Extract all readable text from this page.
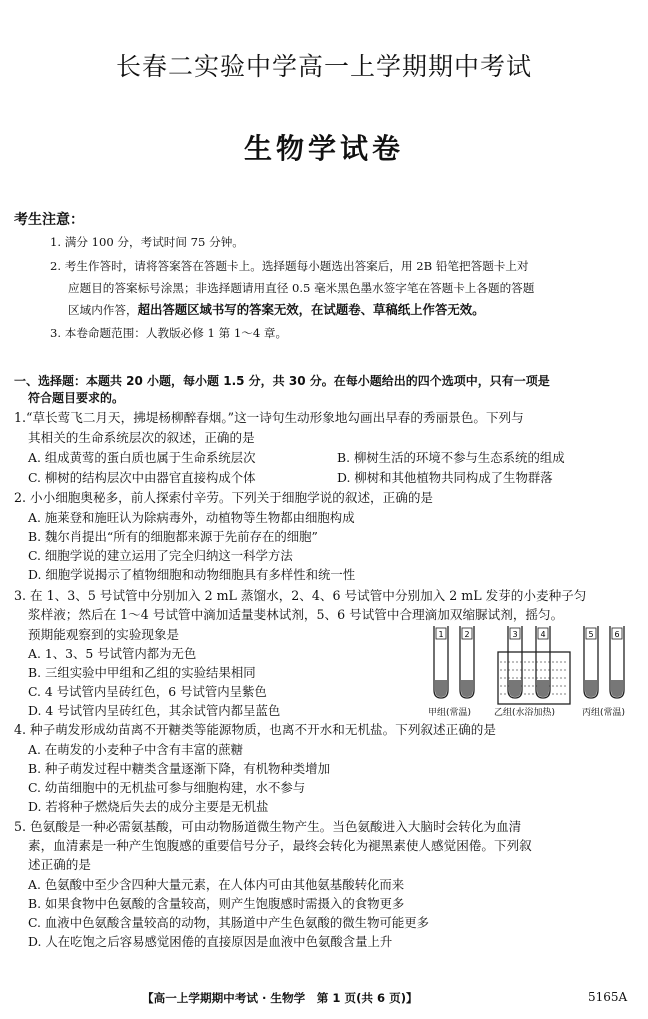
长春二实验中学高一上学期期中考试
生物学试卷
考生注意：
1. 满分 100 分，考试时间 75 分钟。
2. 考生作答时，请将答案答在答题卡上。选择题每小题选出答案后，用 2B 铅笔把答题卡上对
应题目的答案标号涂黑；非选择题请用直径 0.5 毫米黑色墨水签字笔在答题卡上各题的答题
区域内作答，超出答题区域书写的答案无效，在试题卷、草稿纸上作答无效。
3. 本卷命题范围：人教版必修 1 第 1～4 章。
一、选择题：本题共 20 小题，每小题 1.5 分，共 30 分。在每小题给出的四个选项中，只有一项是
符合题目要求的。
1.“草长莺飞二月天，拂堤杨柳醉春烟。”这一诗句生动形象地勾画出早春的秀丽景色。下列与
其相关的生命系统层次的叙述，正确的是
A. 组成黄莺的蛋白质也属于生命系统层次	B. 柳树生活的环境不参与生态系统的组成
C. 柳树的结构层次中由器官直接构成个体	D. 柳树和其他植物共同构成了生物群落
2. 小小细胞奥秘多，前人探索付辛劳。下列关于细胞学说的叙述，正确的是
A. 施莱登和施旺认为除病毒外，动植物等生物都由细胞构成
B. 魏尔肖提出“所有的细胞都来源于先前存在的细胞”
C. 细胞学说的建立运用了完全归纳这一科学方法
D. 细胞学说揭示了植物细胞和动物细胞具有多样性和统一性
3. 在 1、3、5 号试管中分别加入 2 mL 蒸馏水，2、4、6 号试管中分别加入 2 mL 发芽的小麦种子匀
浆样液；然后在 1～4 号试管中滴加适量斐林试剂，5、6 号试管中合理滴加双缩脲试剂，摇匀。
预期能观察到的实验现象是
A. 1、3、5 号试管内都为无色
B. 三组实验中甲组和乙组的实验结果相同
C. 4 号试管内呈砖红色，6 号试管内呈紫色
D. 4 号试管内呈砖红色，其余试管内都呈蓝色
1	2	3	4	5	6
甲组(常温)	乙组(水浴加热)	丙组(常温)
4. 种子萌发形成幼苗离不开糖类等能源物质，也离不开水和无机盐。下列叙述正确的是
A. 在萌发的小麦种子中含有丰富的蔗糖
B. 种子萌发过程中糖类含量逐渐下降，有机物种类增加
C. 幼苗细胞中的无机盐可参与细胞构建，水不参与
D. 若将种子燃烧后失去的成分主要是无机盐
5. 色氨酸是一种必需氨基酸，可由动物肠道微生物产生。当色氨酸进入大脑时会转化为血清
素，血清素是一种产生饱腹感的重要信号分子，最终会转化为褪黑素使人感觉困倦。下列叙
述正确的是
A. 色氨酸中至少含四种大量元素，在人体内可由其他氨基酸转化而来
B. 如果食物中色氨酸的含量较高，则产生饱腹感时需摄入的食物更多
C. 血液中色氨酸含量较高的动物，其肠道中产生色氨酸的微生物可能更多
D. 人在吃饱之后容易感觉困倦的直接原因是血液中色氨酸含量上升
【高一上学期期中考试 · 生物学　第 1 页(共 6 页)】	5165A
